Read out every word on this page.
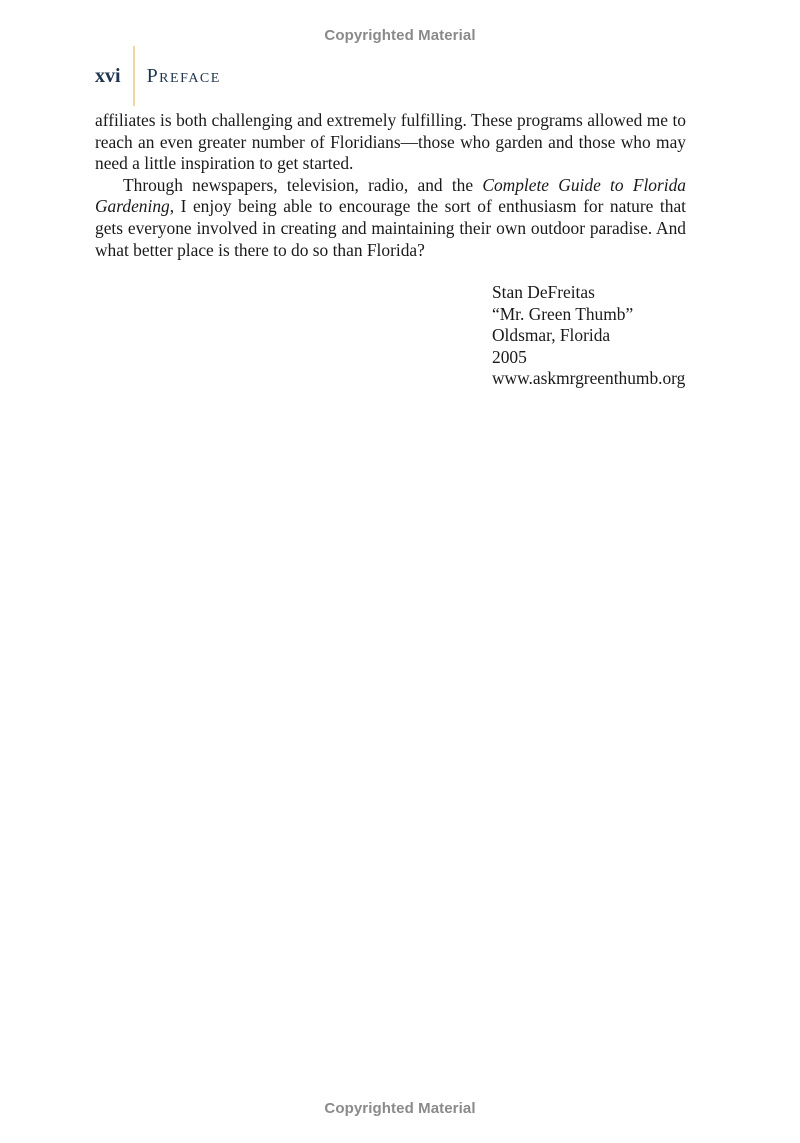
Copyrighted Material
xvi	Preface

affiliates is both challenging and extremely fulfilling. These programs allowed me to reach an even greater number of Floridians—those who garden and those who may need a little inspiration to get started.

Through newspapers, television, radio, and the Complete Guide to Florida Gardening, I enjoy being able to encourage the sort of enthusiasm for nature that gets everyone involved in creating and maintaining their own outdoor paradise. And what better place is there to do so than Florida?

Stan DeFreitas
“Mr. Green Thumb”
Oldsmar, Florida
2005
www.askmrgreenthumb.org
Copyrighted Material
